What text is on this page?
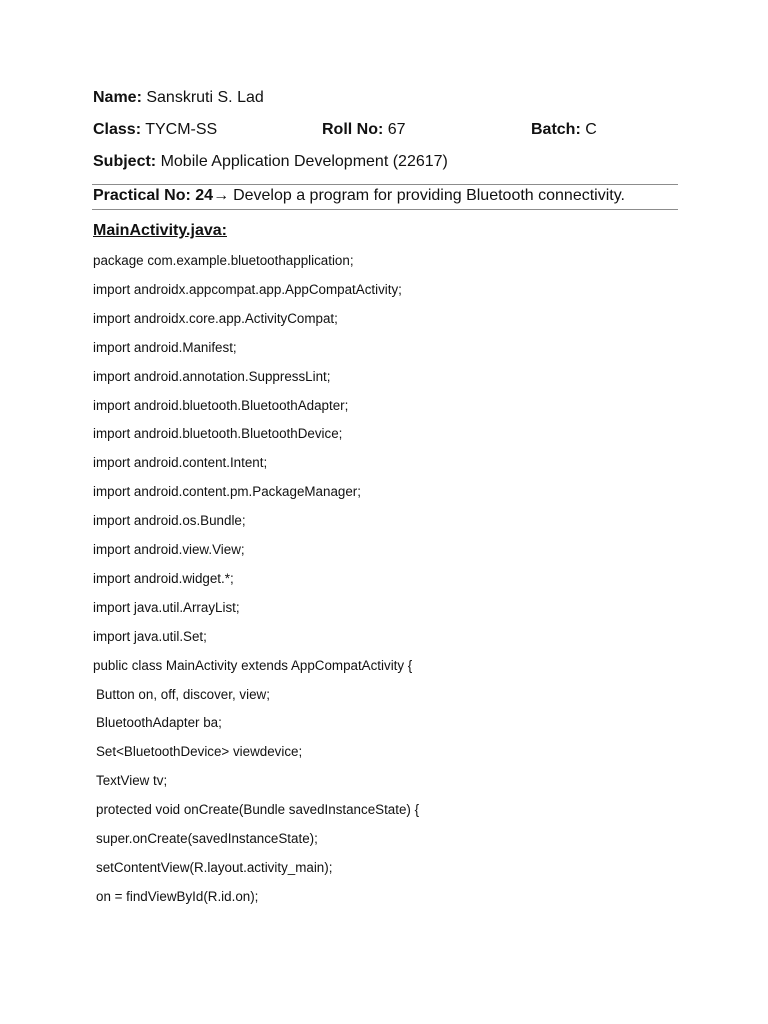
Name: Sanskruti S. Lad
Class: TYCM-SS	Roll No: 67	Batch: C
Subject: Mobile Application Development (22617)
Practical No: 24→ Develop a program for providing Bluetooth connectivity.
MainActivity.java:
package com.example.bluetoothapplication;
import androidx.appcompat.app.AppCompatActivity;
import androidx.core.app.ActivityCompat;
import android.Manifest;
import android.annotation.SuppressLint;
import android.bluetooth.BluetoothAdapter;
import android.bluetooth.BluetoothDevice;
import android.content.Intent;
import android.content.pm.PackageManager;
import android.os.Bundle;
import android.view.View;
import android.widget.*;
import java.util.ArrayList;
import java.util.Set;
public class MainActivity extends AppCompatActivity {
Button on, off, discover, view;
BluetoothAdapter ba;
Set<BluetoothDevice> viewdevice;
TextView tv;
protected void onCreate(Bundle savedInstanceState) {
super.onCreate(savedInstanceState);
setContentView(R.layout.activity_main);
on = findViewById(R.id.on);
